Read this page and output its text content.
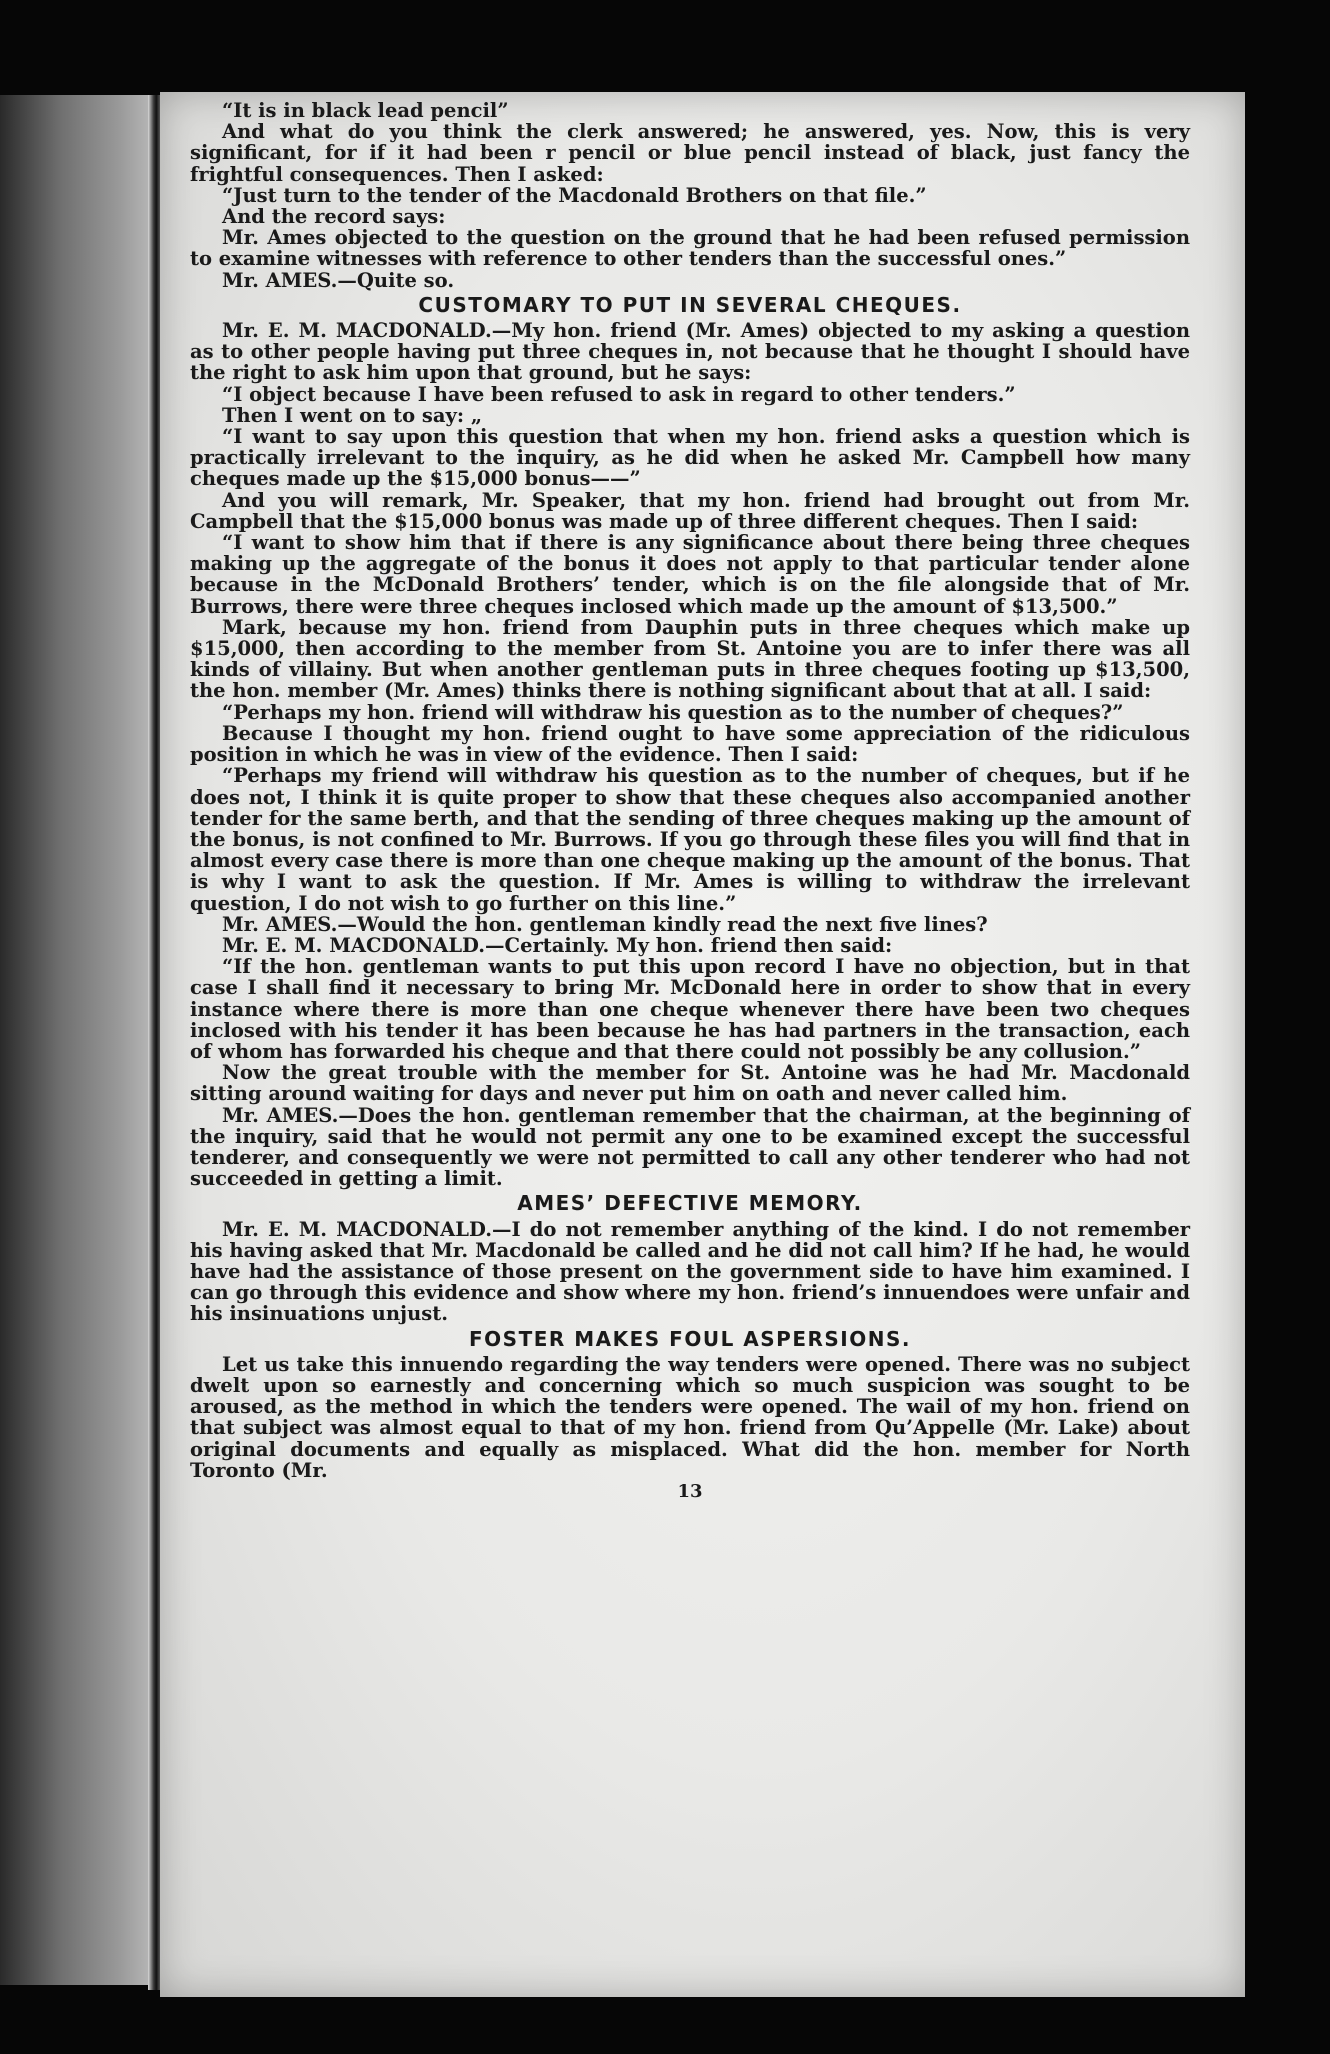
“It is in black lead pencil”

And what do you think the clerk answered; he answered, yes. Now, this is very significant, for if it had been r pencil or blue pencil instead of black, just fancy the frightful consequences. Then I asked:

“Just turn to the tender of the Macdonald Brothers on that file.”

And the record says:

Mr. Ames objected to the question on the ground that he had been refused permission to examine witnesses with reference to other tenders than the successful ones.”

Mr. AMES.—Quite so.

CUSTOMARY TO PUT IN SEVERAL CHEQUES.

Mr. E. M. MACDONALD.—My hon. friend (Mr. Ames) objected to my asking a question as to other people having put three cheques in, not because that he thought I should have the right to ask him upon that ground, but he says:

“I object because I have been refused to ask in regard to other tenders.”

Then I went on to say: „

“I want to say upon this question that when my hon. friend asks a question which is practically irrelevant to the inquiry, as he did when he asked Mr. Campbell how many cheques made up the $15,000 bonus——”

And you will remark, Mr. Speaker, that my hon. friend had brought out from Mr. Campbell that the $15,000 bonus was made up of three different cheques. Then I said:

“I want to show him that if there is any significance about there being three cheques making up the aggregate of the bonus it does not apply to that particular tender alone because in the McDonald Brothers’ tender, which is on the file alongside that of Mr. Burrows, there were three cheques inclosed which made up the amount of $13,500.”

Mark, because my hon. friend from Dauphin puts in three cheques which make up $15,000, then according to the member from St. Antoine you are to infer there was all kinds of villainy. But when another gentleman puts in three cheques footing up $13,500, the hon. member (Mr. Ames) thinks there is nothing significant about that at all. I said:

“Perhaps my hon. friend will withdraw his question as to the number of cheques?”

Because I thought my hon. friend ought to have some appreciation of the ridiculous position in which he was in view of the evidence. Then I said:

“Perhaps my friend will withdraw his question as to the number of cheques, but if he does not, I think it is quite proper to show that these cheques also accompanied another tender for the same berth, and that the sending of three cheques making up the amount of the bonus, is not confined to Mr. Burrows. If you go through these files you will find that in almost every case there is more than one cheque making up the amount of the bonus. That is why I want to ask the question. If Mr. Ames is willing to withdraw the irrelevant question, I do not wish to go further on this line.”

Mr. AMES.—Would the hon. gentleman kindly read the next five lines?

Mr. E. M. MACDONALD.—Certainly. My hon. friend then said:

“If the hon. gentleman wants to put this upon record I have no objection, but in that case I shall find it necessary to bring Mr. McDonald here in order to show that in every instance where there is more than one cheque whenever there have been two cheques inclosed with his tender it has been because he has had partners in the transaction, each of whom has forwarded his cheque and that there could not possibly be any collusion.”

Now the great trouble with the member for St. Antoine was he had Mr. Macdonald sitting around waiting for days and never put him on oath and never called him.

Mr. AMES.—Does the hon. gentleman remember that the chairman, at the beginning of the inquiry, said that he would not permit any one to be examined except the successful tenderer, and consequently we were not permitted to call any other tenderer who had not succeeded in getting a limit.

AMES’ DEFECTIVE MEMORY.

Mr. E. M. MACDONALD.—I do not remember anything of the kind. I do not remember his having asked that Mr. Macdonald be called and he did not call him? If he had, he would have had the assistance of those present on the government side to have him examined. I can go through this evidence and show where my hon. friend’s innuendoes were unfair and his insinuations unjust.

FOSTER MAKES FOUL ASPERSIONS.

Let us take this innuendo regarding the way tenders were opened. There was no subject dwelt upon so earnestly and concerning which so much suspicion was sought to be aroused, as the method in which the tenders were opened. The wail of my hon. friend on that subject was almost equal to that of my hon. friend from Qu’Appelle (Mr. Lake) about original documents and equally as misplaced. What did the hon. member for North Toronto (Mr.

13
